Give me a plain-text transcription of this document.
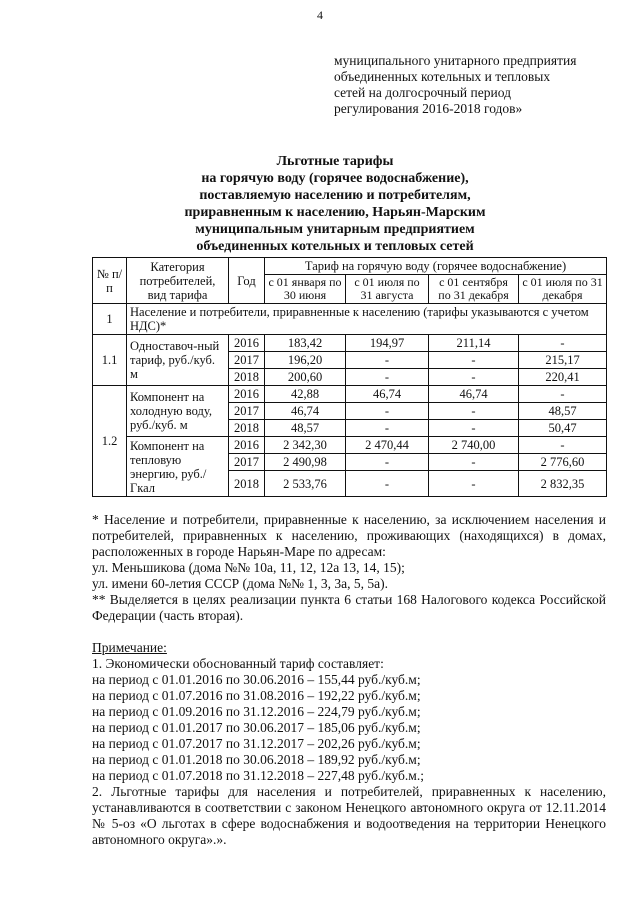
4
муниципального унитарного предприятия
объединенных котельных и тепловых
сетей на долгосрочный период
регулирования 2016-2018 годов»
Льготные тарифы
на горячую воду (горячее водоснабжение),
поставляемую населению и потребителям,
приравненным к населению, Нарьян-Марским
муниципальным унитарным предприятием
объединенных котельных и тепловых сетей
№ п/п	Категория потребителей, вид тарифа	Год	Тариф на горячую воду (горячее водоснабжение)			
			с 01 января по 30 июня	с 01 июля по 31 августа	с 01 сентября по 31 декабря	с 01 июля по 31 декабря
1	Население и потребители, приравненные к населению (тарифы указываются с учетом НДС)*					
1.1	Одноставоч-ный тариф, руб./куб. м	2016	183,42	194,97	211,14	-
		2017	196,20	-	-	215,17
		2018	200,60	-	-	220,41
1.2	Компонент на холодную воду, руб./куб. м	2016	42,88	46,74	46,74	-
		2017	46,74	-	-	48,57
		2018	48,57	-	-	50,47
	Компонент на тепловую энергию, руб./Гкал	2016	2 342,30	2 470,44	2 740,00	-
		2017	2 490,98	-	-	2 776,60
		2018	2 533,76	-	-	2 832,35

* Население и потребители, приравненные к населению, за исключением населения и потребителей, приравненных к населению, проживающих (находящихся) в домах, расположенных в городе Нарьян-Маре по адресам:

ул. Меньшикова (дома №№ 10а, 11, 12, 12а 13, 14, 15);

ул. имени 60-летия СССР (дома №№ 1, 3, 3а, 5, 5а).

** Выделяется в целях реализации пункта 6 статьи 168 Налогового кодекса Российской Федерации (часть вторая).

Примечание:

1. Экономически обоснованный тариф составляет:

на период с 01.01.2016 по 30.06.2016 – 155,44 руб./куб.м;

на период с 01.07.2016 по 31.08.2016 – 192,22 руб./куб.м;

на период с 01.09.2016 по 31.12.2016 – 224,79 руб./куб.м;

на период с 01.01.2017 по 30.06.2017 – 185,06 руб./куб.м;

на период с 01.07.2017 по 31.12.2017 – 202,26 руб./куб.м;

на период с 01.01.2018 по 30.06.2018 – 189,92 руб./куб.м;

на период с 01.07.2018 по 31.12.2018 – 227,48 руб./куб.м.;

2. Льготные тарифы для населения и потребителей, приравненных к населению, устанавливаются в соответствии с законом Ненецкого автономного округа от 12.11.2014 № 5-оз «О льготах в сфере водоснабжения и водоотведения на территории Ненецкого автономного округа».».
